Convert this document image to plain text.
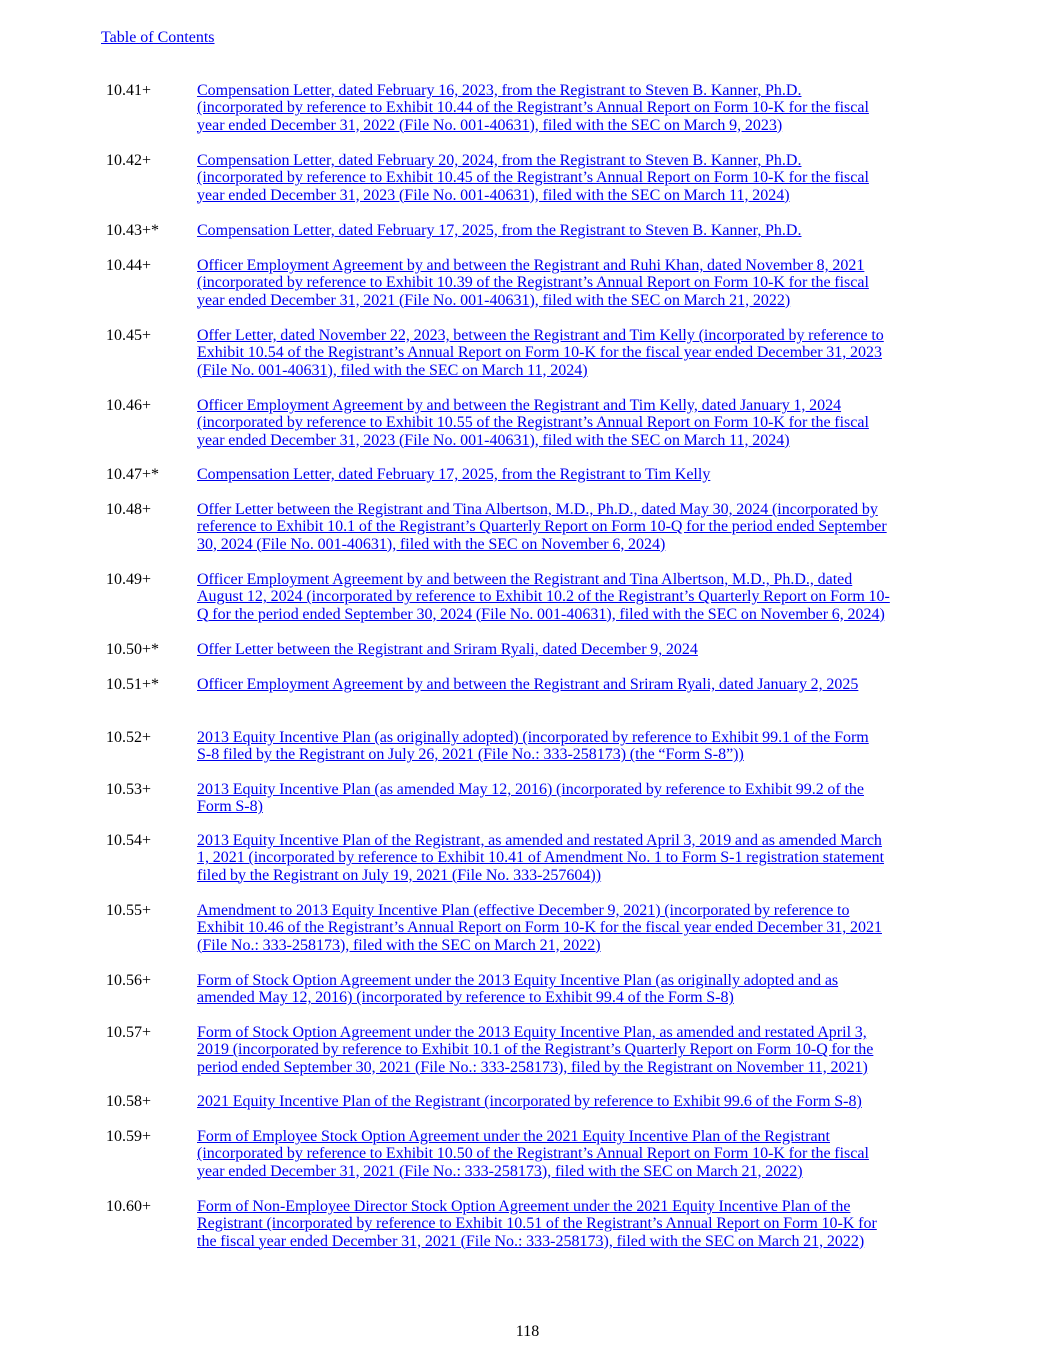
Table of Contents
10.41+	Compensation Letter, dated February 16, 2023, from the Registrant to Steven B. Kanner, Ph.D.
(incorporated by reference to Exhibit 10.44 of the Registrant’s Annual Report on Form 10-K for the fiscal
year ended December 31, 2022 (File No. 001-40631), filed with the SEC on March 9, 2023)
10.42+	Compensation Letter, dated February 20, 2024, from the Registrant to Steven B. Kanner, Ph.D.
(incorporated by reference to Exhibit 10.45 of the Registrant’s Annual Report on Form 10-K for the fiscal
year ended December 31, 2023 (File No. 001-40631), filed with the SEC on March 11, 2024)
10.43+* Compensation Letter, dated February 17, 2025, from the Registrant to Steven B. Kanner, Ph.D.
10.44+	Officer Employment Agreement by and between the Registrant and Ruhi Khan, dated November 8, 2021
(incorporated by reference to Exhibit 10.39 of the Registrant’s Annual Report on Form 10-K for the fiscal
year ended December 31, 2021 (File No. 001-40631), filed with the SEC on March 21, 2022)
10.45+	Offer Letter, dated November 22, 2023, between the Registrant and Tim Kelly (incorporated by reference to
Exhibit 10.54 of the Registrant’s Annual Report on Form 10-K for the fiscal year ended December 31, 2023
(File No. 001-40631), filed with the SEC on March 11, 2024)
10.46+	Officer Employment Agreement by and between the Registrant and Tim Kelly, dated January 1, 2024
(incorporated by reference to Exhibit 10.55 of the Registrant’s Annual Report on Form 10-K for the fiscal
year ended December 31, 2023 (File No. 001-40631), filed with the SEC on March 11, 2024)
10.47+* Compensation Letter, dated February 17, 2025, from the Registrant to Tim Kelly
10.48+	Offer Letter between the Registrant and Tina Albertson, M.D., Ph.D., dated May 30, 2024 (incorporated by
reference to Exhibit 10.1 of the Registrant’s Quarterly Report on Form 10-Q for the period ended September
30, 2024 (File No. 001-40631), filed with the SEC on November 6, 2024)
10.49+	Officer Employment Agreement by and between the Registrant and Tina Albertson, M.D., Ph.D., dated
August 12, 2024 (incorporated by reference to Exhibit 10.2 of the Registrant’s Quarterly Report on Form 10-
Q for the period ended September 30, 2024 (File No. 001-40631), filed with the SEC on November 6, 2024)
10.50+* Offer Letter between the Registrant and Sriram Ryali, dated December 9, 2024
10.51+* Officer Employment Agreement by and between the Registrant and Sriram Ryali, dated January 2, 2025
10.52+	2013 Equity Incentive Plan (as originally adopted) (incorporated by reference to Exhibit 99.1 of the Form
S-8 filed by the Registrant on July 26, 2021 (File No.: 333-258173) (the “Form S-8”))
10.53+	2013 Equity Incentive Plan (as amended May 12, 2016) (incorporated by reference to Exhibit 99.2 of the
Form S-8)
10.54+	2013 Equity Incentive Plan of the Registrant, as amended and restated April 3, 2019 and as amended March
1, 2021 (incorporated by reference to Exhibit 10.41 of Amendment No. 1 to Form S-1 registration statement
filed by the Registrant on July 19, 2021 (File No. 333-257604))
10.55+	Amendment to 2013 Equity Incentive Plan (effective December 9, 2021) (incorporated by reference to
Exhibit 10.46 of the Registrant’s Annual Report on Form 10-K for the fiscal year ended December 31, 2021
(File No.: 333-258173), filed with the SEC on March 21, 2022)
10.56+	Form of Stock Option Agreement under the 2013 Equity Incentive Plan (as originally adopted and as
amended May 12, 2016) (incorporated by reference to Exhibit 99.4 of the Form S-8)
10.57+	Form of Stock Option Agreement under the 2013 Equity Incentive Plan, as amended and restated April 3,
2019 (incorporated by reference to Exhibit 10.1 of the Registrant’s Quarterly Report on Form 10-Q for the
period ended September 30, 2021 (File No.: 333-258173), filed by the Registrant on November 11, 2021)
10.58+	2021 Equity Incentive Plan of the Registrant (incorporated by reference to Exhibit 99.6 of the Form S-8)
10.59+	Form of Employee Stock Option Agreement under the 2021 Equity Incentive Plan of the Registrant
(incorporated by reference to Exhibit 10.50 of the Registrant’s Annual Report on Form 10-K for the fiscal
year ended December 31, 2021 (File No.: 333-258173), filed with the SEC on March 21, 2022)
10.60+	Form of Non-Employee Director Stock Option Agreement under the 2021 Equity Incentive Plan of the
Registrant (incorporated by reference to Exhibit 10.51 of the Registrant’s Annual Report on Form 10-K for
the fiscal year ended December 31, 2021 (File No.: 333-258173), filed with the SEC on March 21, 2022)
118
